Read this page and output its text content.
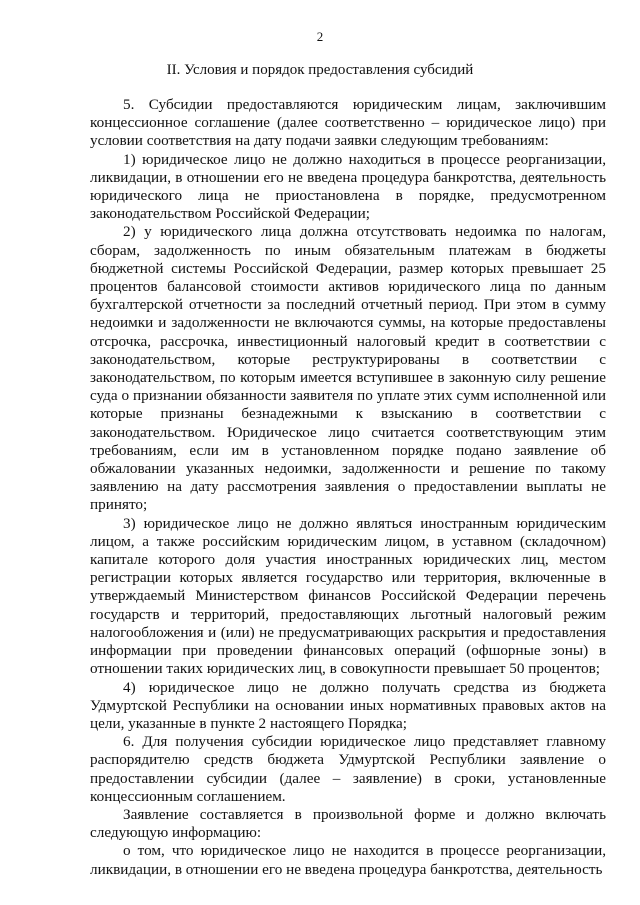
2
II. Условия и порядок предоставления субсидий

5. Субсидии предоставляются юридическим лицам, заключившим концессионное соглашение (далее соответственно – юридическое лицо) при условии соответствия на дату подачи заявки следующим требованиям:

1) юридическое лицо не должно находиться в процессе реорганизации, ликвидации, в отношении его не введена процедура банкротства, деятельность юридического лица не приостановлена в порядке, предусмотренном законодательством Российской Федерации;

2) у юридического лица должна отсутствовать недоимка по налогам, сборам, задолженность по иным обязательным платежам в бюджеты бюджетной системы Российской Федерации, размер которых превышает 25 процентов балансовой стоимости активов юридического лица по данным бухгалтерской отчетности за последний отчетный период. При этом в сумму недоимки и задолженности не включаются суммы, на которые предоставлены отсрочка, рассрочка, инвестиционный налоговый кредит в соответствии с законодательством, которые реструктурированы в соответствии с законодательством, по которым имеется вступившее в законную силу решение суда о признании обязанности заявителя по уплате этих сумм исполненной или которые признаны безнадежными к взысканию в соответствии с законодательством. Юридическое лицо считается соответствующим этим требованиям, если им в установленном порядке подано заявление об обжаловании указанных недоимки, задолженности и решение по такому заявлению на дату рассмотрения заявления о предоставлении выплаты не принято;

3) юридическое лицо не должно являться иностранным юридическим лицом, а также российским юридическим лицом, в уставном (складочном) капитале которого доля участия иностранных юридических лиц, местом регистрации которых является государство или территория, включенные в утверждаемый Министерством финансов Российской Федерации перечень государств и территорий, предоставляющих льготный налоговый режим налогообложения и (или) не предусматривающих раскрытия и предоставления информации при проведении финансовых операций (офшорные зоны) в отношении таких юридических лиц, в совокупности превышает 50 процентов;

4) юридическое лицо не должно получать средства из бюджета Удмуртской Республики на основании иных нормативных правовых актов на цели, указанные в пункте 2 настоящего Порядка;

6. Для получения субсидии юридическое лицо представляет главному распорядителю средств бюджета Удмуртской Республики заявление о предоставлении субсидии (далее – заявление) в сроки, установленные концессионным соглашением.

Заявление составляется в произвольной форме и должно включать следующую информацию:

о том, что юридическое лицо не находится в процессе реорганизации, ликвидации, в отношении его не введена процедура банкротства, деятельность
